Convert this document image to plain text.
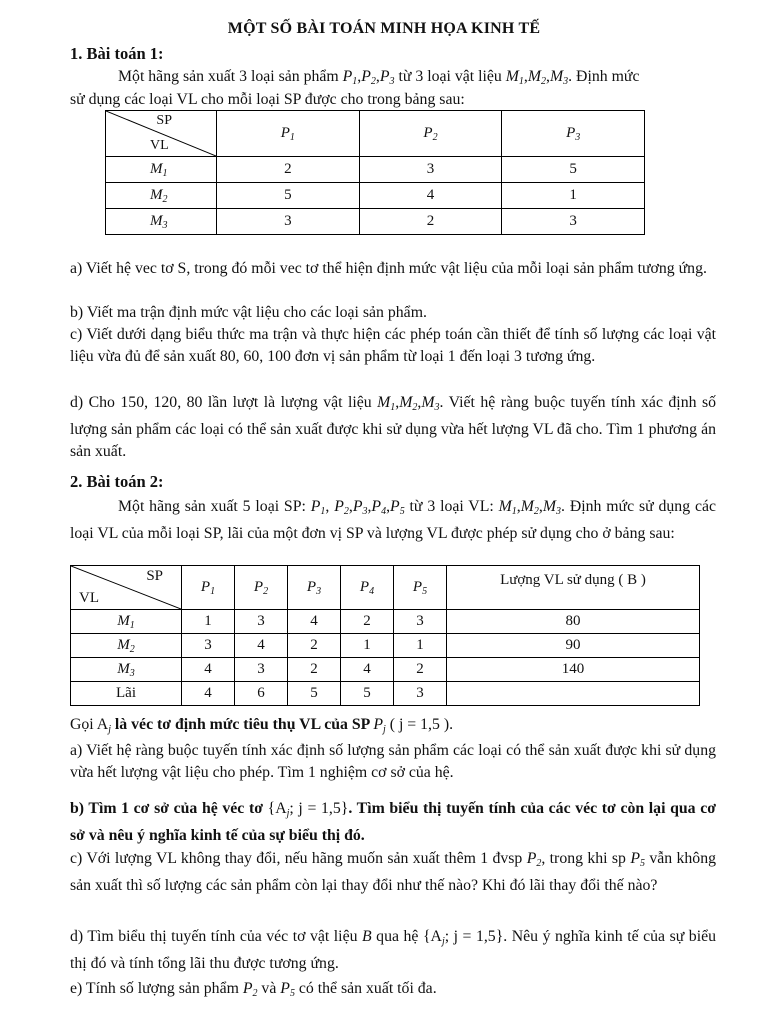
MỘT SỐ BÀI TOÁN MINH HỌA KINH TẾ
1. Bài toán 1:
Một hãng sản xuất 3 loại sản phẩm $P_1,P_2,P_3$ từ 3 loại vật liệu $M_1,M_2,M_3$. Định mức
sử dụng các loại VL cho mỗi loại SP được cho trong bảng sau:
SP
VL	$P_1$	$P_2$	$P_3$
$M_1$	2	3	5
$M_2$	5	4	1
$M_3$	3	2	3
a) Viết hệ vec tơ S, trong đó mỗi vec tơ thể hiện định mức vật liệu của mỗi loại sản phẩm tương ứng.
b) Viết ma trận định mức vật liệu cho các loại sản phẩm.
c) Viết dưới dạng biểu thức ma trận và thực hiện các phép toán cần thiết để tính số lượng các loại vật liệu vừa đủ để sản xuất 80, 60, 100 đơn vị sản phẩm từ loại 1 đến loại 3 tương ứng.
d) Cho 150, 120, 80 lần lượt là lượng vật liệu $M_1,M_2,M_3$. Viết hệ ràng buộc tuyến tính xác định số lượng sản phẩm các loại có thể sản xuất được khi sử dụng vừa hết lượng VL đã cho. Tìm 1 phương án sản xuất.
2. Bài toán 2:
Một hãng sản xuất 5 loại SP: $P_1$, $P_2,P_3,P_4,P_5$ từ 3 loại VL: $M_1,M_2,M_3$. Định mức sử dụng các loại VL của mỗi loại SP, lãi của một đơn vị SP và lượng VL được phép sử dụng cho ở bảng sau:
SP
VL	$P_1$	$P_2$	$P_3$	$P_4$	$P_5$	Lượng VL sử dụng ( B )
$M_1$	1	3	4	2	3	80
$M_2$	3	4	2	1	1	90
$M_3$	4	3	2	4	2	140
Lãi	4	6	5	5	3	
Gọi $A_j$ là véc tơ định mức tiêu thụ VL của SP $P_j$ ( j = 1,5 ).
a) Viết hệ ràng buộc tuyến tính xác định số lượng sản phẩm các loại có thể sản xuất được khi sử dụng vừa hết lượng vật liệu cho phép. Tìm 1 nghiệm cơ sở của hệ.
b) Tìm 1 cơ sở của hệ véc tơ {$A_j$; j = 1,5}. Tìm biểu thị tuyến tính của các véc tơ còn lại qua cơ sở và nêu ý nghĩa kinh tế của sự biểu thị đó.
c) Với lượng VL không thay đổi, nếu hãng muốn sản xuất thêm 1 đvsp $P_2$, trong khi sp $P_5$ vẫn không sản xuất thì số lượng các sản phẩm còn lại thay đổi như thế nào? Khi đó lãi thay đổi thế nào?
d) Tìm biểu thị tuyến tính của véc tơ vật liệu B qua hệ {$A_j$; j = 1,5}. Nêu ý nghĩa kinh tế của sự biểu thị đó và tính tổng lãi thu được tương ứng.
e) Tính số lượng sản phẩm $P_2$ và $P_5$ có thể sản xuất tối đa.
